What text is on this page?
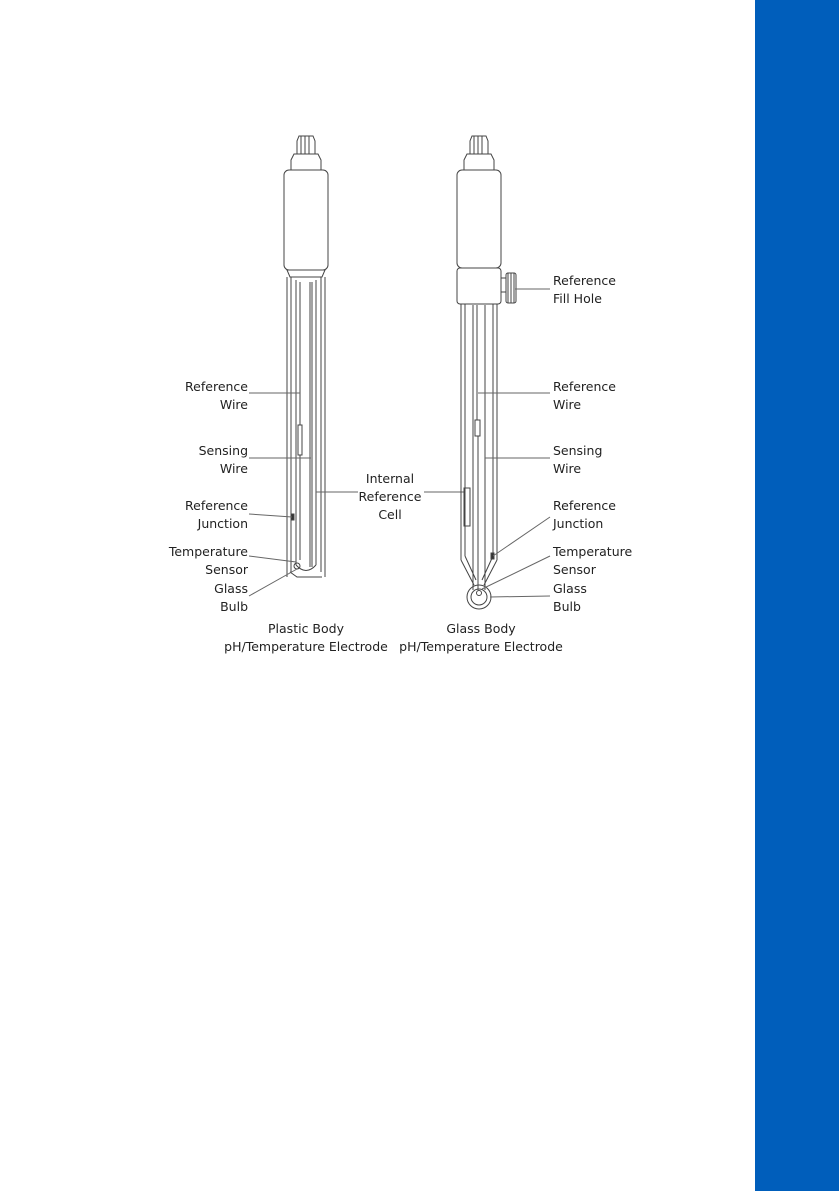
Reference
Wire
Sensing
Wire
Reference
Junction
Temperature
Sensor
Glass
Bulb
Internal
Reference
Cell
Reference
Fill Hole
Reference
Wire
Sensing
Wire
Reference
Junction
Temperature
Sensor
Glass
Bulb
Plastic Body
pH/Temperature Electrode
Glass Body
pH/Temperature Electrode
